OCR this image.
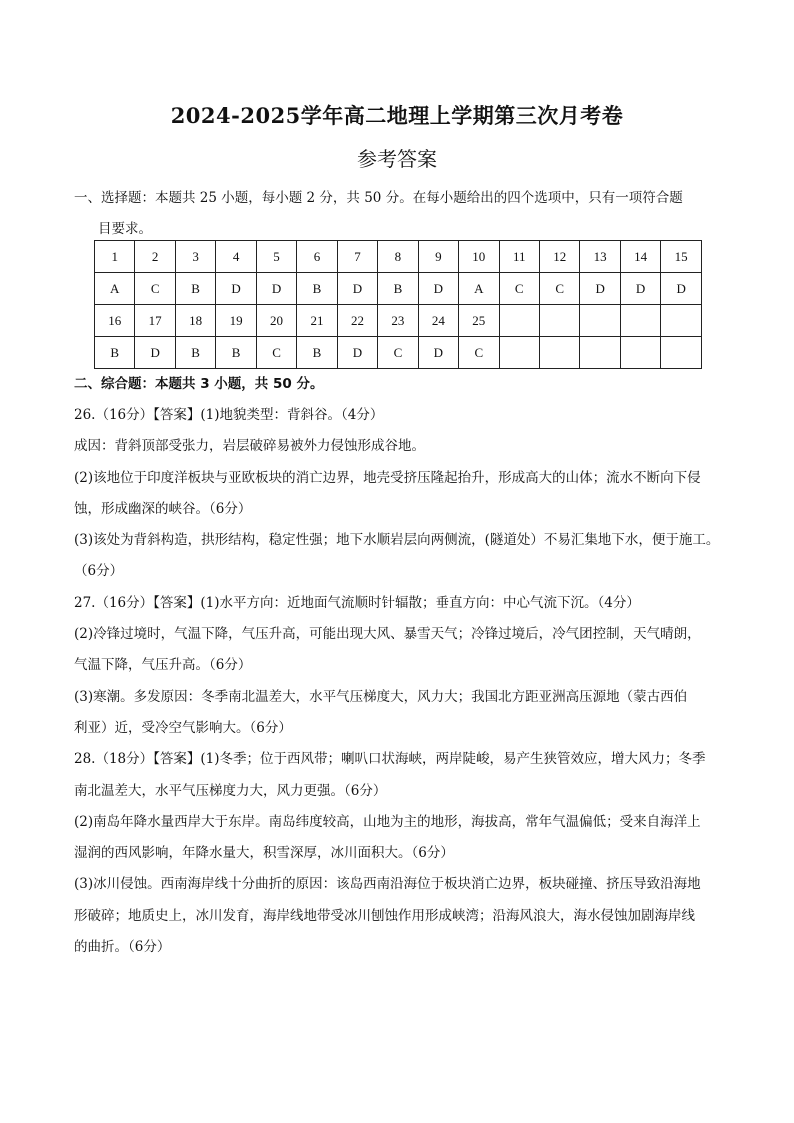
2024-2025学年高二地理上学期第三次月考卷
参考答案
一、选择题：本题共 25 小题，每小题 2 分，共 50 分。在每小题给出的四个选项中，只有一项符合题
目要求。
1	2	3	4	5	6	7	8	9	10	11	12	13	14	15
A	C	B	D	D	B	D	B	D	A	C	C	D	D	D
16	17	18	19	20	21	22	23	24	25					
B	D	B	B	C	B	D	C	D	C					
二、综合题：本题共 3 小题，共 50 分。

26.（16分）【答案】(1)地貌类型：背斜谷。（4分）

成因：背斜顶部受张力，岩层破碎易被外力侵蚀形成谷地。

(2)该地位于印度洋板块与亚欧板块的消亡边界，地壳受挤压隆起抬升，形成高大的山体；流水不断向下侵

蚀，形成幽深的峡谷。（6分）

(3)该处为背斜构造，拱形结构，稳定性强；地下水顺岩层向两侧流，(隧道处）不易汇集地下水，便于施工。

（6分）

27.（16分）【答案】(1)水平方向：近地面气流顺时针辐散；垂直方向：中心气流下沉。（4分）

(2)冷锋过境时，气温下降，气压升高，可能出现大风、暴雪天气；冷锋过境后，冷气团控制，天气晴朗，

气温下降，气压升高。（6分）

(3)寒潮。多发原因：冬季南北温差大，水平气压梯度大，风力大；我国北方距亚洲高压源地（蒙古西伯

利亚）近，受冷空气影响大。（6分）

28.（18分）【答案】(1)冬季；位于西风带；喇叭口状海峡，两岸陡峻，易产生狭管效应，增大风力；冬季

南北温差大，水平气压梯度力大，风力更强。（6分）

(2)南岛年降水量西岸大于东岸。南岛纬度较高，山地为主的地形，海拔高，常年气温偏低；受来自海洋上

湿润的西风影响，年降水量大，积雪深厚，冰川面积大。（6分）

(3)冰川侵蚀。西南海岸线十分曲折的原因：该岛西南沿海位于板块消亡边界，板块碰撞、挤压导致沿海地

形破碎；地质史上，冰川发育，海岸线地带受冰川刨蚀作用形成峡湾；沿海风浪大，海水侵蚀加剧海岸线

的曲折。（6分）
